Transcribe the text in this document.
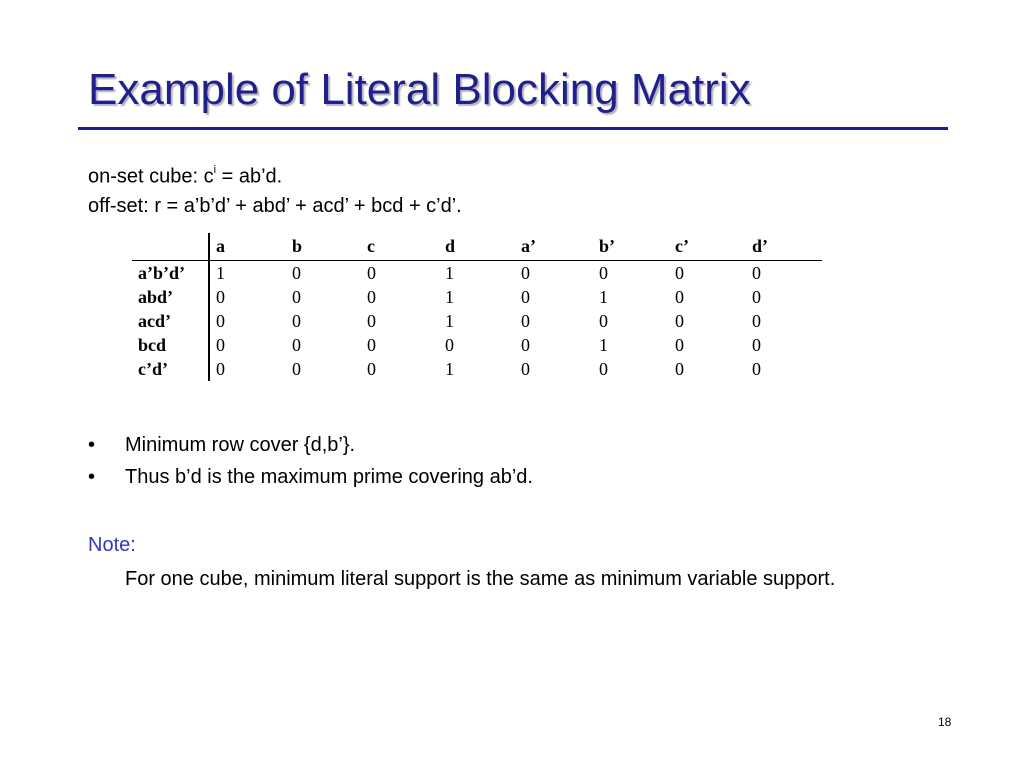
Example of Literal Blocking Matrix
on-set cube: $c^i$ = ab’d.
off-set: r = a’b’d’ + abd’ + acd’ + bcd + c’d’.
a	b	c	d	a’	b’	c’	d’
a’b’d’ 1	0	0	1	0	0	0	0
abd’ 0	0	0	1	0	1	0	0
acd’	0	0	0	1	0	0	0	0
bcd	0	0	0	0	0	1	0	0
c’d’	0	0	0	1	0	0	0	0
• Minimum row cover {d,b’}.
• Thus b’d is the maximum prime covering ab’d.
Note:
For one cube, minimum literal support is the same as minimum variable support.
18
